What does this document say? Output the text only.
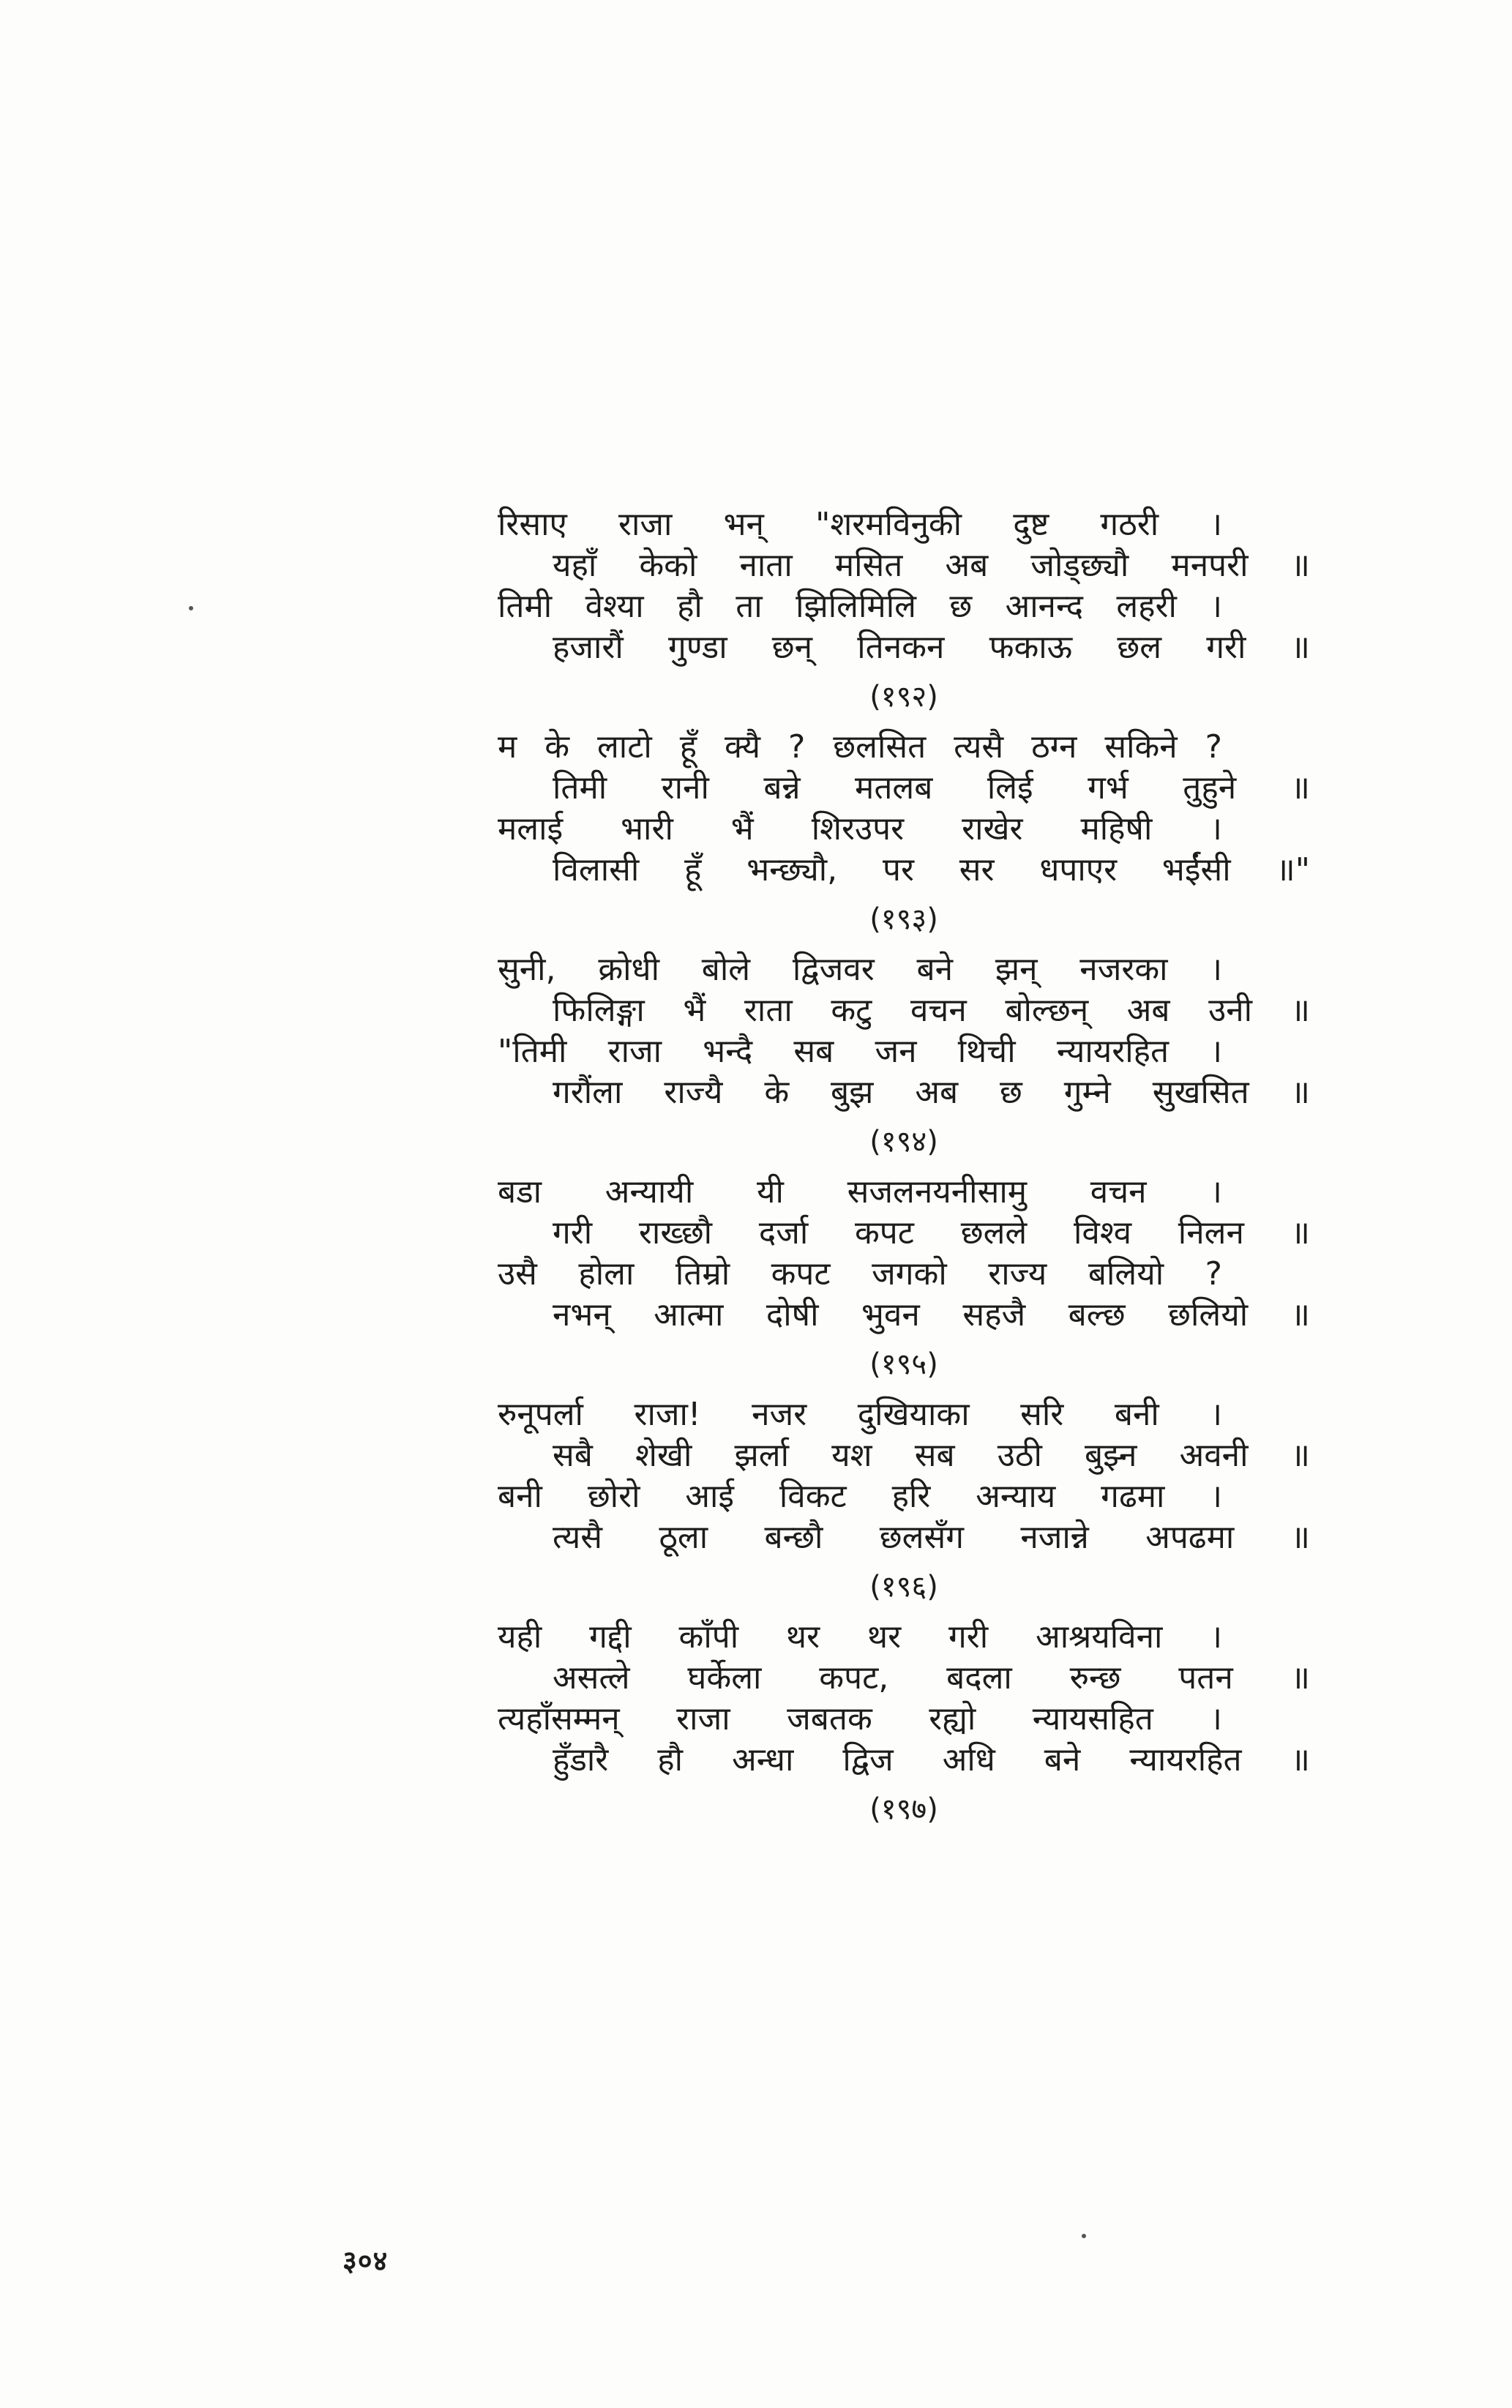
रिसाए राजा भन् "शरमविनुकी दुष्ट गठरी ।
यहाँ केको नाता मसित अब जोड्छ्यौ मनपरी ॥
तिमी वेश्या हौ ता झिलिमिलि छ आनन्द लहरी ।
हजारौं गुण्डा छन् तिनकन फकाऊ छल गरी ॥
(१९२)
म के लाटो हूँ क्यै ? छलसित त्यसै ठग्न सकिने ?
तिमी रानी बन्ने मतलब लिई गर्भ तुहुने ॥
मलाई भारी भैं शिरउपर राखेर महिषी ।
विलासी हूँ भन्छ्यौ, पर सर धपाएर भईंसी ॥"
(१९३)
सुनी, क्रोधी बोले द्विजवर बने झन् नजरका ।
फिलिङ्गा भैं राता कटु वचन बोल्छन् अब उनी ॥
"तिमी राजा भन्दै सब जन थिची न्यायरहित ।
गरौंला राज्यै के बुझ अब छ गुम्ने सुखसित ॥
(१९४)
बडा अन्यायी यी सजलनयनीसामु वचन ।
गरी राख्छौ दर्जा कपट छलले विश्व निलन ॥
उसै होला तिम्रो कपट जगको राज्य बलियो ?
नभन् आत्मा दोषी भुवन सहजै बल्छ छलियो ॥
(१९५)
रुनूपर्ला राजा! नजर दुखियाका सरि बनी ।
सबै शेखी झर्ला यश सब उठी बुझ्न अवनी ॥
बनी छोरो आई विकट हरि अन्याय गढमा ।
त्यसै ठूला बन्छौ छलसँग नजान्ने अपढमा ॥
(१९६)
यही गद्दी काँपी थर थर गरी आश्रयविना ।
असत्ले घर्केला कपट, बदला रुन्छ पतन ॥
त्यहाँसम्मन् राजा जबतक रह्यो न्यायसहित ।
हुँडारै हौ अन्धा द्विज अधि बने न्यायरहित ॥
(१९७)
३०४
